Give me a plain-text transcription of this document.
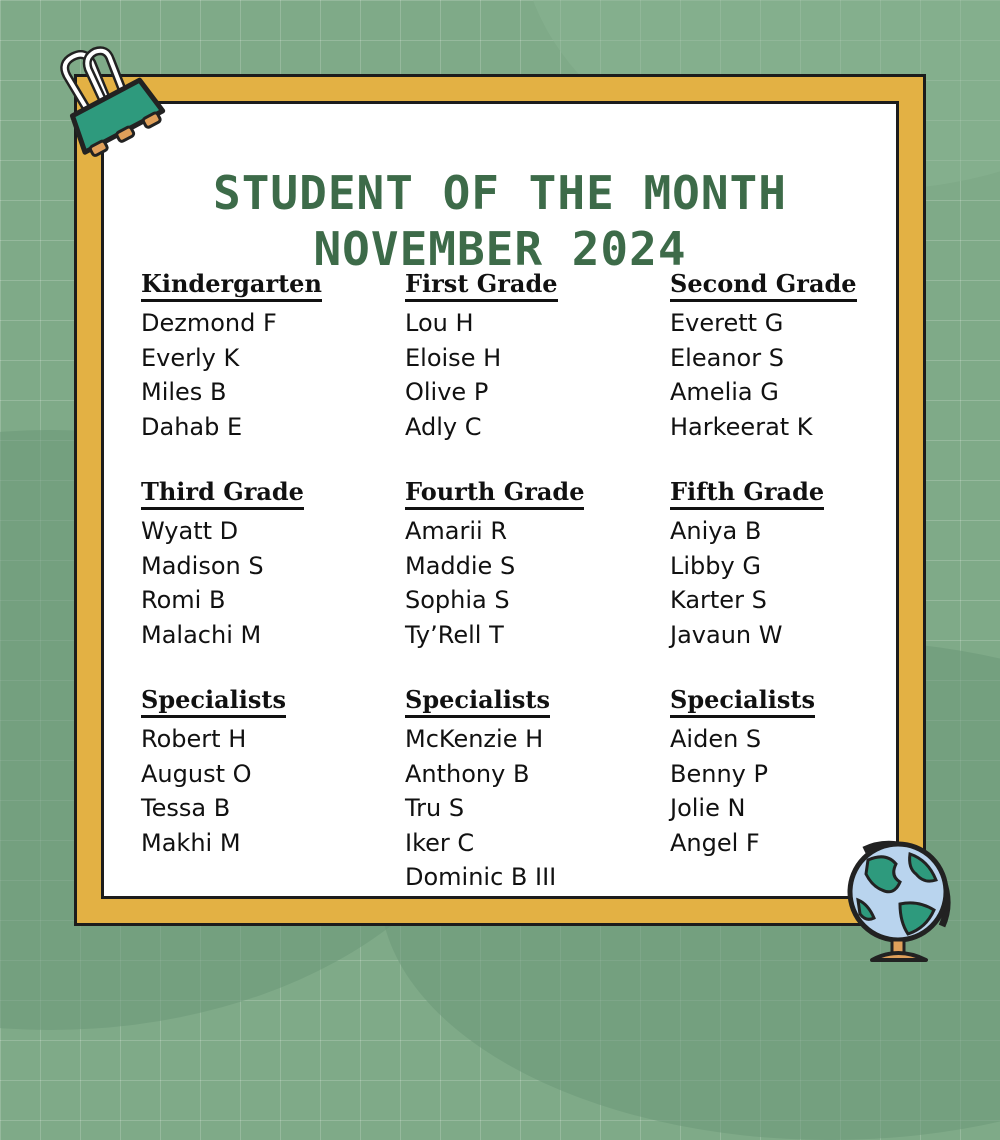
STUDENT OF THE MONTH
NOVEMBER 2024
Kindergarten
Dezmond F
Everly K
Miles B
Dahab E
First Grade
Lou H
Eloise H
Olive P
Adly C
Second Grade
Everett G
Eleanor S
Amelia G
Harkeerat K
Third Grade
Wyatt D
Madison S
Romi B
Malachi M
Fourth Grade
Amarii R
Maddie S
Sophia S
Ty’Rell T
Fifth Grade
Aniya B
Libby G
Karter S
Javaun W
Specialists
Robert H
August O
Tessa B
Makhi M
Specialists
McKenzie H
Anthony B
Tru S
Iker C
Dominic B III
Specialists
Aiden S
Benny P
Jolie N
Angel F
